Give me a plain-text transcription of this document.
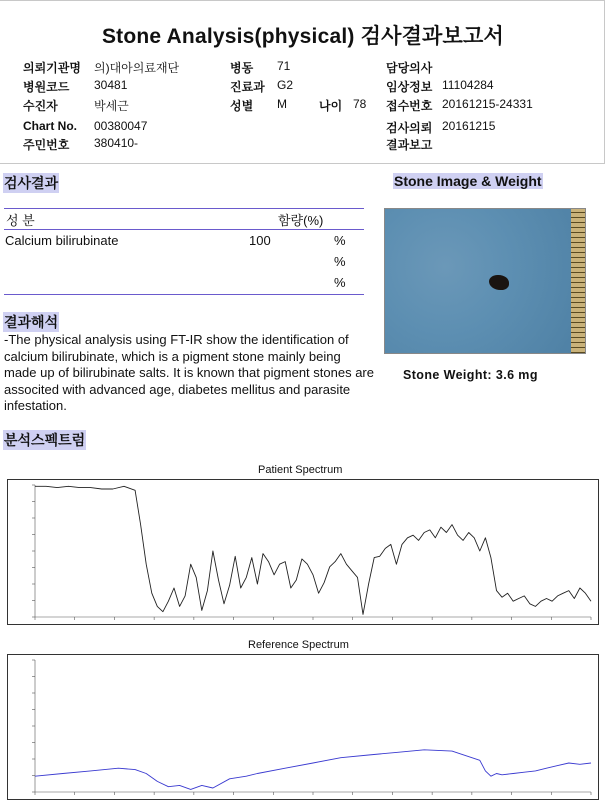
Stone Analysis(physical) 검사결과보고서
의뢰기관명 의)대아의료재단
병원코드 30481
수진자	박세근
Chart No. 00380047
주민번호 380410-
병동 71
진료과 G2
성별 M	나이 78
담당의사
임상정보 11104284
접수번호 20161215-24331
검사의뢰 20161215
결과보고
검사결과
성 분	함량(%)
Calcium bilirubinate	100	%
%
%
결과해석
-The physical analysis using FT-IR show the identification of calcium bilirubinate, which is a pigment stone mainly being made up of bilirubinate salts. It is known that pigment stones are associted with advanced age, diabetes mellitus and parasite infestation.
Stone Image & Weight
Stone Weight: 3.6 mg
분석스펙트럼
Patient Spectrum
Reference Spectrum
